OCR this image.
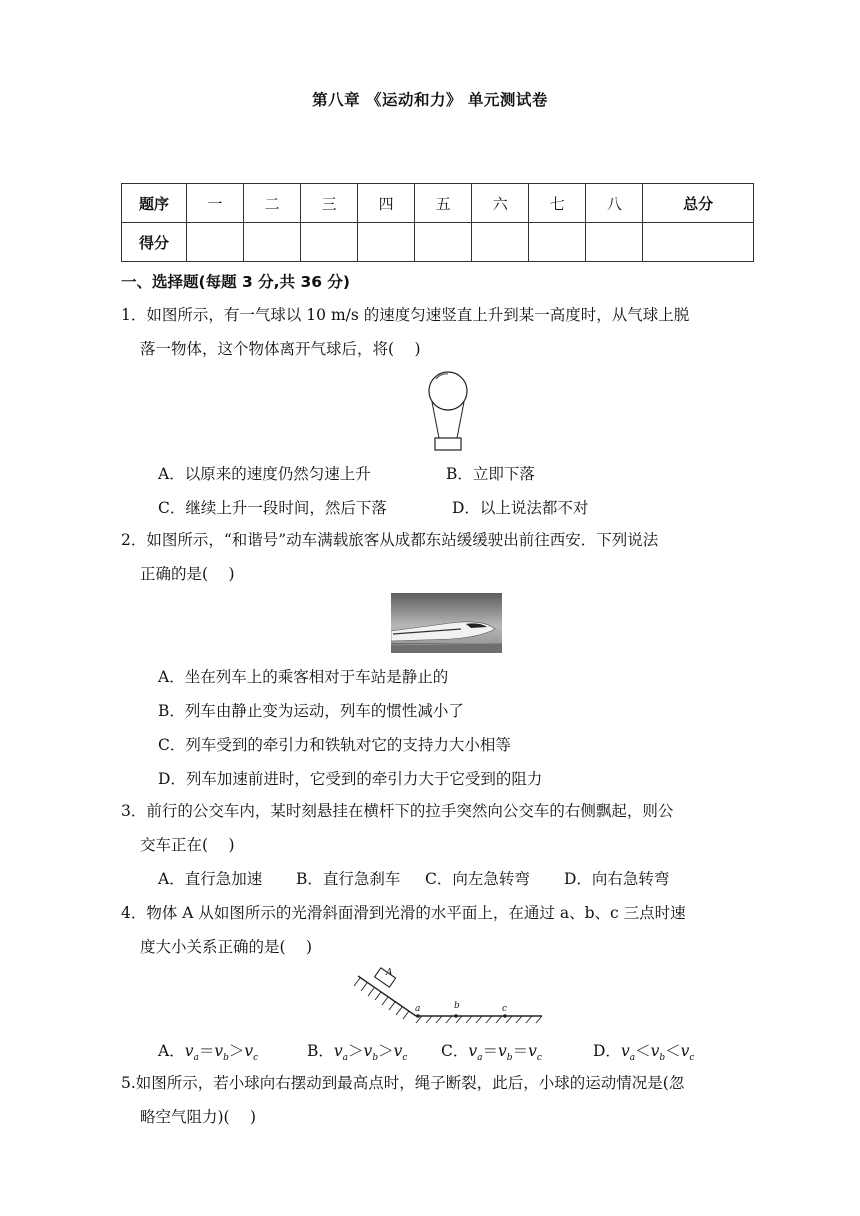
第八章 《运动和力》 单元测试卷
题序	一	二	三	四	五	六	七	八	总分
得分									
一、选择题(每题 3 分,共 36 分)
1．如图所示，有一气球以 10 m/s 的速度匀速竖直上升到某一高度时，从气球上脱
落一物体，这个物体离开气球后，将(　 )
A．以原来的速度仍然匀速上升	B．立即下落
C．继续上升一段时间，然后下落	D．以上说法都不对
2．如图所示，“和谐号”动车满载旅客从成都东站缓缓驶出前往西安．下列说法
正确的是(　 )
A．坐在列车上的乘客相对于车站是静止的
B．列车由静止变为运动，列车的惯性减小了
C．列车受到的牵引力和铁轨对它的支持力大小相等
D．列车加速前进时，它受到的牵引力大于它受到的阻力
3．前行的公交车内，某时刻悬挂在横杆下的拉手突然向公交车的右侧飘起，则公
交车正在(　 )
A．直行急加速 B．直行急刹车 C．向左急转弯 D．向右急转弯
4．物体 A 从如图所示的光滑斜面滑到光滑的水平面上，在通过 a、b、c 三点时速
度大小关系正确的是(　 )
A
a	b	c
A．$v_a=v_b>v_c$	B．$v_a>v_b>v_c$ C．$v_a=v_b=v_c$	D．$v_a<v_b<v_c$
5.如图所示，若小球向右摆动到最高点时，绳子断裂，此后，小球的运动情况是(忽
略空气阻力)(　 )
